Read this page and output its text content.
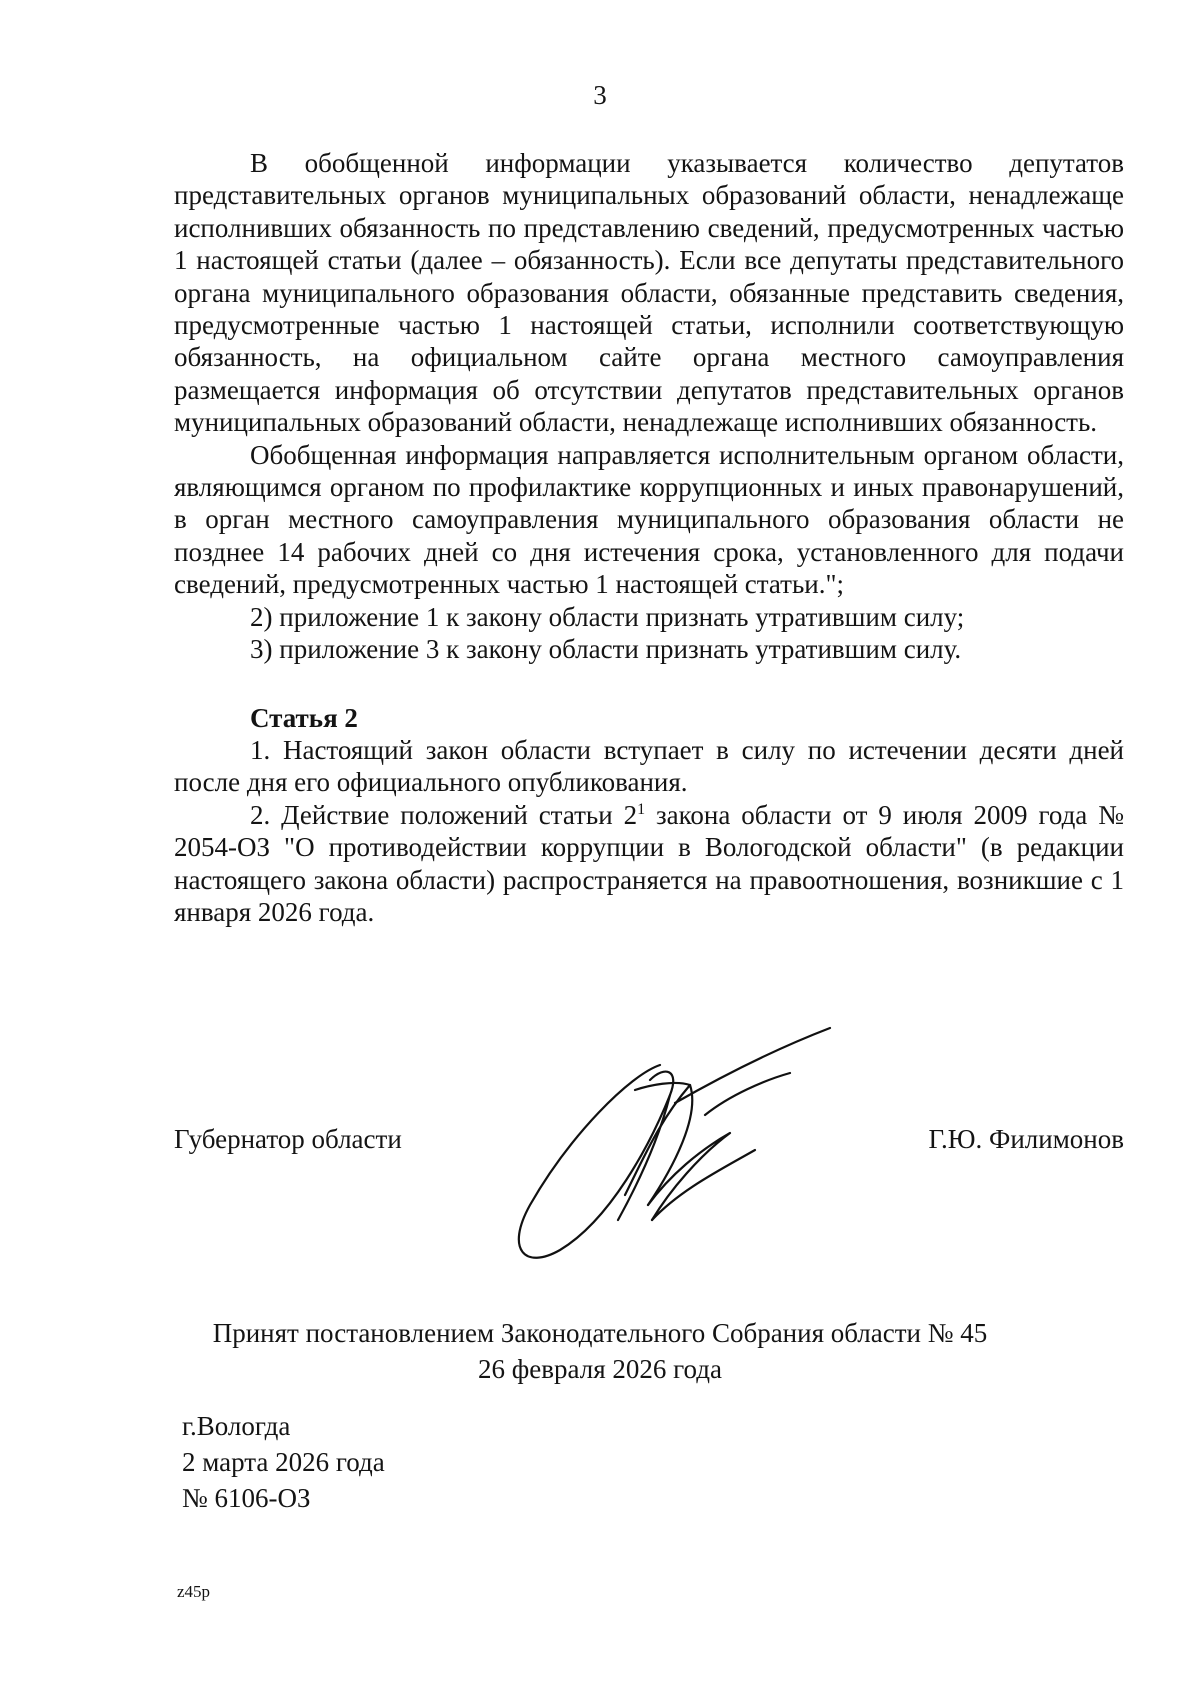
3

В обобщенной информации указывается количество депутатов представительных органов муниципальных образований области, ненадлежаще исполнивших обязанность по представлению сведений, предусмотренных частью 1 настоящей статьи (далее – обязанность). Если все депутаты представительного органа муниципального образования области, обязанные представить сведения, предусмотренные частью 1 настоящей статьи, исполнили соответствующую обязанность, на официальном сайте органа местного самоуправления размещается информация об отсутствии депутатов представительных органов муниципальных образований области, ненадлежаще исполнивших обязанность.

Обобщенная информация направляется исполнительным органом области, являющимся органом по профилактике коррупционных и иных правонарушений, в орган местного самоуправления муниципального образования области не позднее 14 рабочих дней со дня истечения срока, установленного для подачи сведений, предусмотренных частью 1 настоящей статьи.";

2) приложение 1 к закону области признать утратившим силу;

3) приложение 3 к закону области признать утратившим силу.

Статья 2

1. Настоящий закон области вступает в силу по истечении десяти дней после дня его официального опубликования.

2. Действие положений статьи $2^1$ закона области от 9 июля 2009 года № 2054-ОЗ "О противодействии коррупции в Вологодской области" (в редакции настоящего закона области) распространяется на правоотношения, возникшие с 1 января 2026 года.

Губернатор области	Г.Ю. Филимонов
Принят постановлением Законодательного Собрания области № 45
26 февраля 2026 года
г.Вологда
2 марта 2026 года
№ 6106-ОЗ
z45p
